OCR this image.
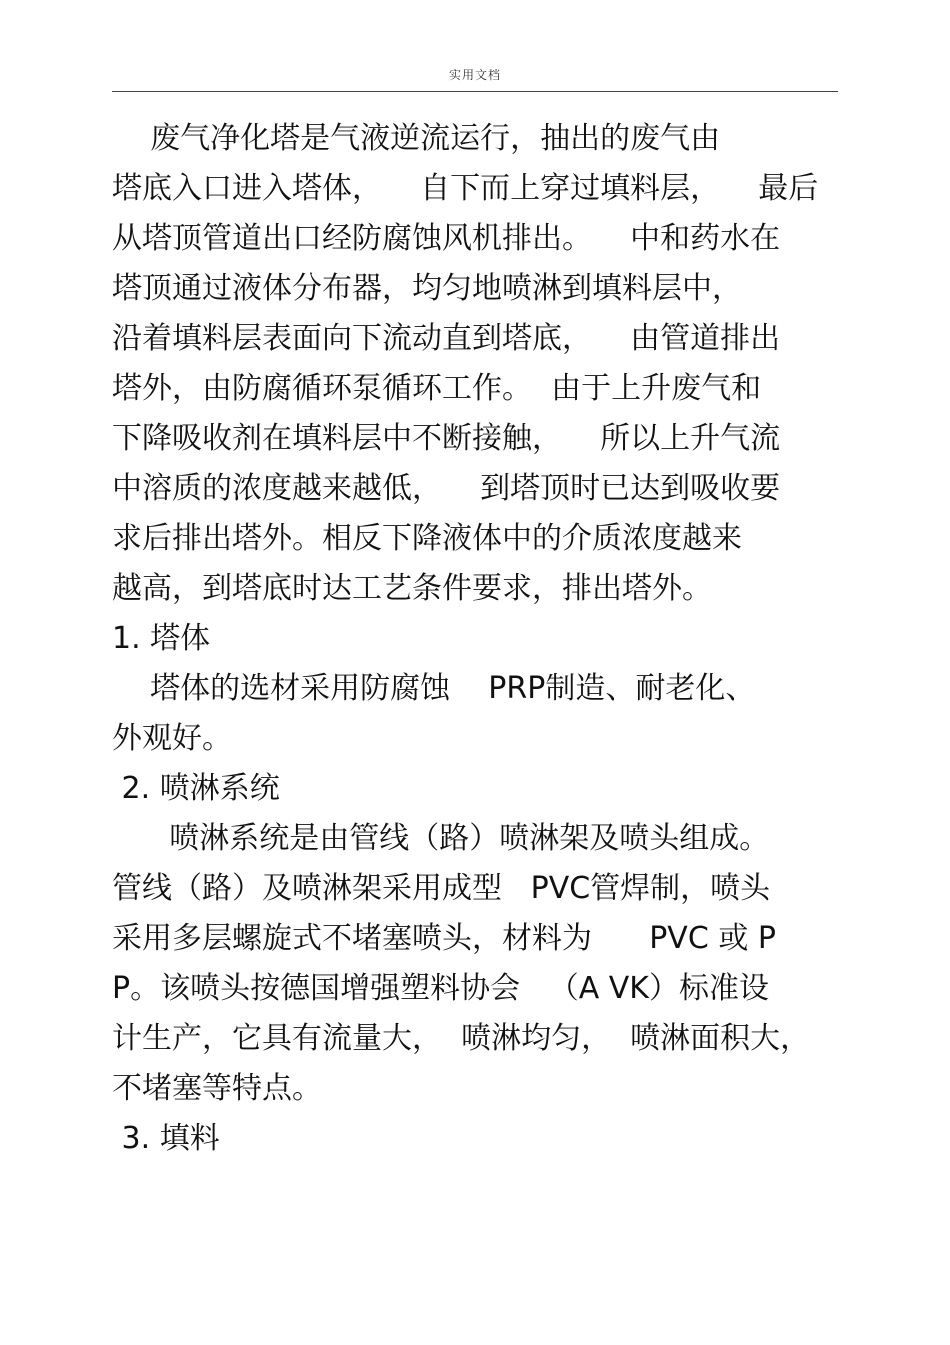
实用文档
废气净化塔是气液逆流运行，抽出的废气由
塔底入口进入塔体，    自下而上穿过填料层，    最后
从塔顶管道出口经防腐蚀风机排出。    中和药水在
塔顶通过液体分布器，均匀地喷淋到填料层中，
沿着填料层表面向下流动直到塔底，    由管道排出
塔外，由防腐循环泵循环工作。  由于上升废气和
下降吸收剂在填料层中不断接触，    所以上升气流
中溶质的浓度越来越低，    到塔顶时已达到吸收要
求后排出塔外。相反下降液体中的介质浓度越来
越高，到塔底时达工艺条件要求，排出塔外。
1. 塔体
塔体的选材采用防腐蚀    PRP制造、耐老化、
外观好。
2. 喷淋系统
喷淋系统是由管线（路）喷淋架及喷头组成。
管线（路）及喷淋架采用成型   PVC管焊制，喷头
采用多层螺旋式不堵塞喷头，材料为      PVC 或 P
P。该喷头按德国增强塑料协会   （A VK）标准设
计生产，它具有流量大，  喷淋均匀，  喷淋面积大，
不堵塞等特点。
3. 填料
